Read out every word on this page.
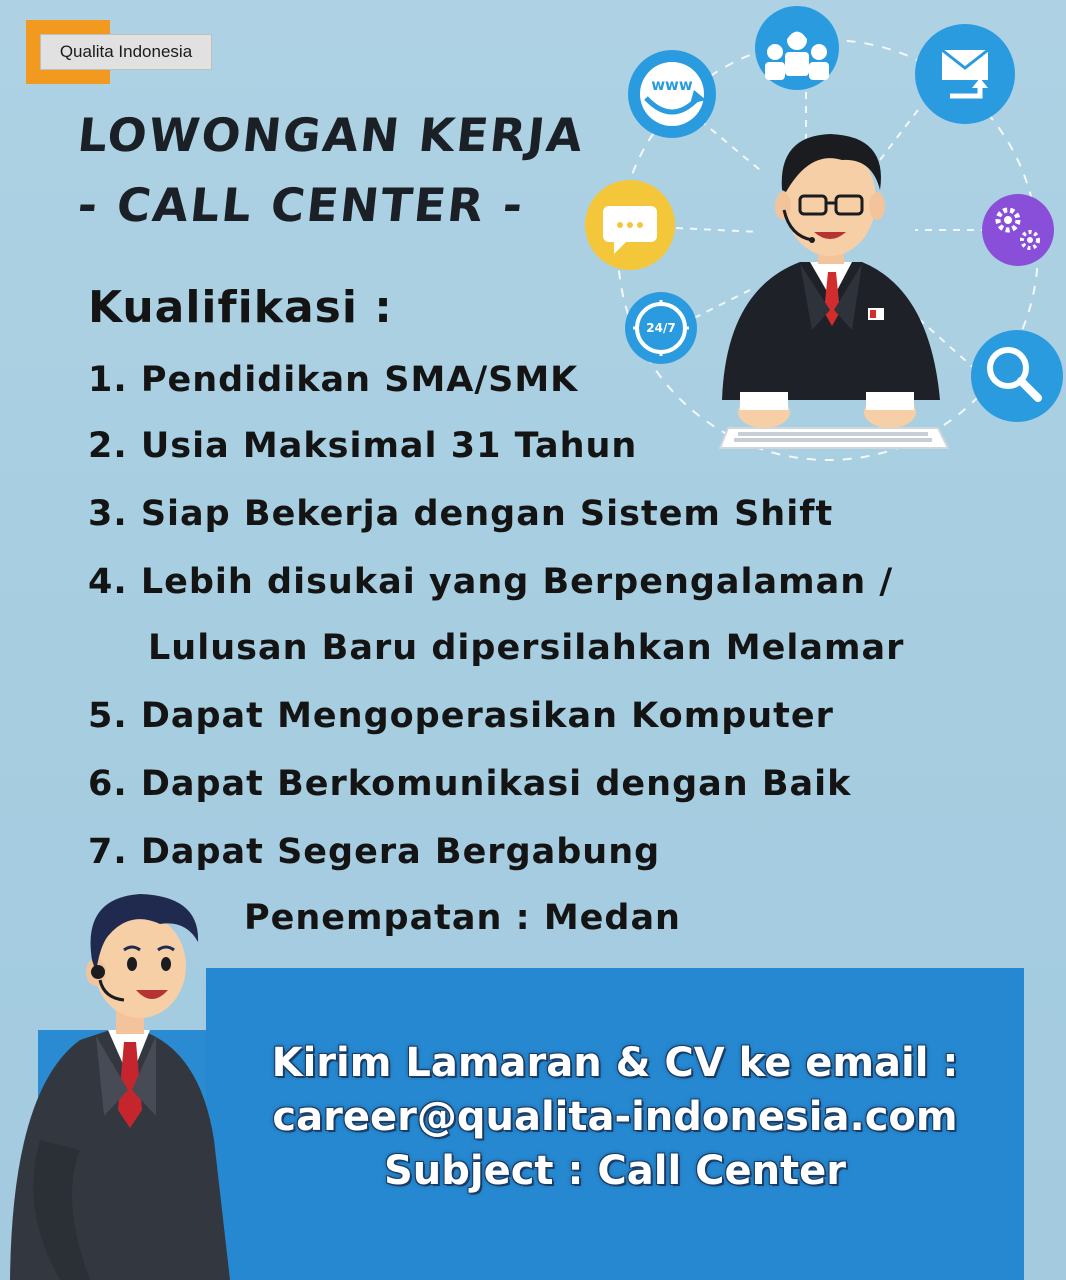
Qualita Indonesia
www
24/7
LOWONGAN KERJA
- CALL CENTER -
Kualifikasi :
1. Pendidikan SMA/SMK
2. Usia Maksimal 31 Tahun
3. Siap Bekerja dengan Sistem Shift
4. Lebih disukai yang Berpengalaman /
Lulusan Baru dipersilahkan Melamar
5. Dapat Mengoperasikan Komputer
6. Dapat Berkomunikasi dengan Baik
7. Dapat Segera Bergabung
Penempatan : Medan
Kirim Lamaran & CV ke email :
career@qualita-indonesia.com
Subject : Call Center
